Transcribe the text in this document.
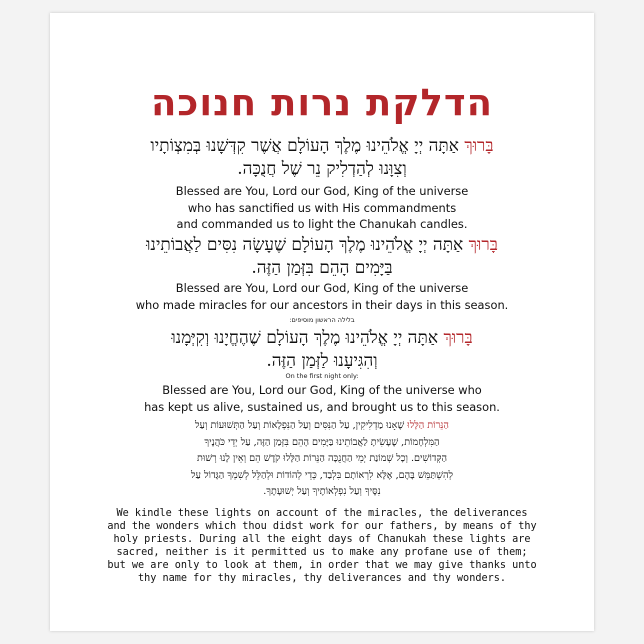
הדלקת נרות חנוכה
בָּרוּךְ אַתָּה יְיָ אֱלֹהֵינוּ מֶלֶךְ הָעוֹלָם אֲשֶׁר קִדְּשָׁנוּ בְּמִצְוֹתָיו
וְצִוָּנוּ לְהַדְלִיק נֵר שֶׁל חֲנֻכָּה.
Blessed are You, Lord our God, King of the universe
who has sanctified us with His commandments
and commanded us to light the Chanukah candles.
בָּרוּךְ אַתָּה יְיָ אֱלֹהֵינוּ מֶלֶךְ הָעוֹלָם שֶׁעָשָׂה נִסִּים לַאֲבוֹתֵינוּ
בַּיָּמִים הָהֵם בִּזְּמַן הַזֶּה.
Blessed are You, Lord our God, King of the universe
who made miracles for our ancestors in their days in this season.
בלילה הראשון מוסיפים:
בָּרוּךְ אַתָּה יְיָ אֱלֹהֵינוּ מֶלֶךְ הָעוֹלָם שֶׁהֶחֱיָנוּ וְקִיְּמָנוּ
וְהִגִּיעָנוּ לַזְּמַן הַזֶּה.
On the first night only:
Blessed are You, Lord our God, King of the universe who
has kept us alive, sustained us, and brought us to this season.
הַנֵּרוֹת הַלָּלוּ שֶׁאָנוּ מַדְלִיקִין, עַל הַנִּסִּים וְעַל הַנִּפְלָאוֹת וְעַל הַתְּשׁוּעוֹת וְעַל
הַמִּלְחָמוֹת, שֶׁעָשִׂיתָ לַאֲבוֹתֵינוּ בַּיָּמִים הָהֵם בִּזְּמַן הַזֶּה, עַל יְדֵי כֹּהֲנֶיךָ
הַקְּדוֹשִׁים. וְכָל שְׁמוֹנַת יְמֵי הַחֲנֻכָּה הַנֵּרוֹת הַלָּלוּ קֹדֶשׁ הֵם וְאֵין לָנוּ רְשׁוּת
לְהִשְׁתַּמֵּשׁ בָּהֶם, אֶלָּא לִרְאוֹתָם בִּלְבַד, כְּדֵי לְהוֹדוֹת וּלְהַלֵּל לְשִׁמְךָ הַגָּדוֹל עַל
נִסֶּיךָ וְעַל נִפְלְאוֹתֶיךָ וְעַל יְשׁוּעָתֶךָ.
We kindle these lights on account of the miracles, the deliverances
and the wonders which thou didst work for our fathers, by means of thy
holy priests. During all the eight days of Chanukah these lights are
sacred, neither is it permitted us to make any profane use of them;
but we are only to look at them, in order that we may give thanks unto
thy name for thy miracles, thy deliverances and thy wonders.
